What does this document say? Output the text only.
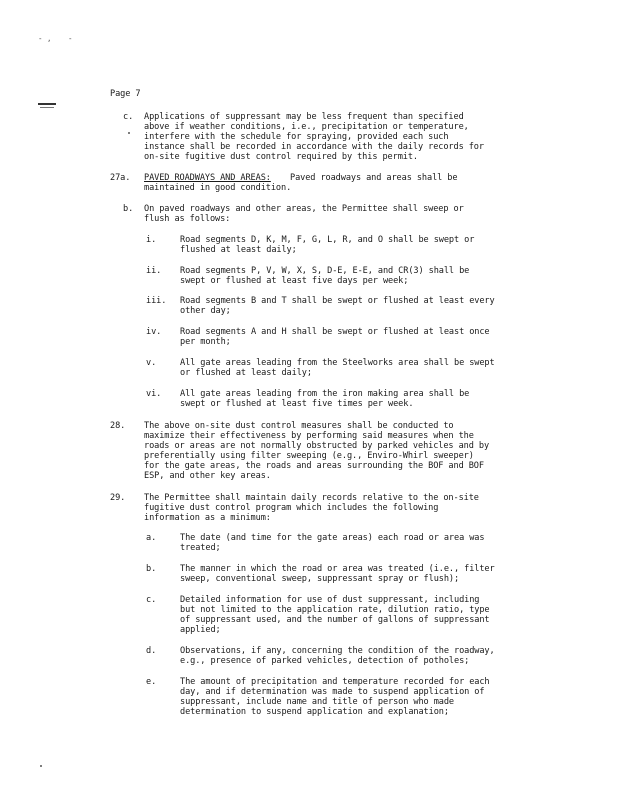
- , -
Page 7
c. Applications of suppressant may be less frequent than specified
above if weather conditions, i.e., precipitation or temperature,
interfere with the schedule for spraying, provided each such
instance shall be recorded in accordance with the daily records for
on-site fugitive dust control required by this permit.
27a. PAVED ROADWAYS AND AREAS: Paved roadways and areas shall be
maintained in good condition.
b. On paved roadways and other areas, the Permittee shall sweep or
flush as follows:
i.	Road segments D, K, M, F, G, L, R, and O shall be swept or
flushed at least daily;
ii. Road segments P, V, W, X, S, D-E, E-E, and CR(3) shall be
swept or flushed at least five days per week;
iii. Road segments B and T shall be swept or flushed at least every
other day;
iv. Road segments A and H shall be swept or flushed at least once
per month;
v.	All gate areas leading from the Steelworks area shall be swept
or flushed at least daily;
vi. All gate areas leading from the iron making area shall be
swept or flushed at least five times per week.
28. The above on-site dust control measures shall be conducted to
maximize their effectiveness by performing said measures when the
roads or areas are not normally obstructed by parked vehicles and by
preferentially using filter sweeping (e.g., Enviro-Whirl sweeper)
for the gate areas, the roads and areas surrounding the BOF and BOF
ESP, and other key areas.
29. The Permittee shall maintain daily records relative to the on-site
fugitive dust control program which includes the following
information as a minimum:
a.	The date (and time for the gate areas) each road or area was
treated;
b.	The manner in which the road or area was treated (i.e., filter
sweep, conventional sweep, suppressant spray or flush);
c.	Detailed information for use of dust suppressant, including
but not limited to the application rate, dilution ratio, type
of suppressant used, and the number of gallons of suppressant
applied;
d.	Observations, if any, concerning the condition of the roadway,
e.g., presence of parked vehicles, detection of potholes;
e.	The amount of precipitation and temperature recorded for each
day, and if determination was made to suspend application of
suppressant, include name and title of person who made
determination to suspend application and explanation;
